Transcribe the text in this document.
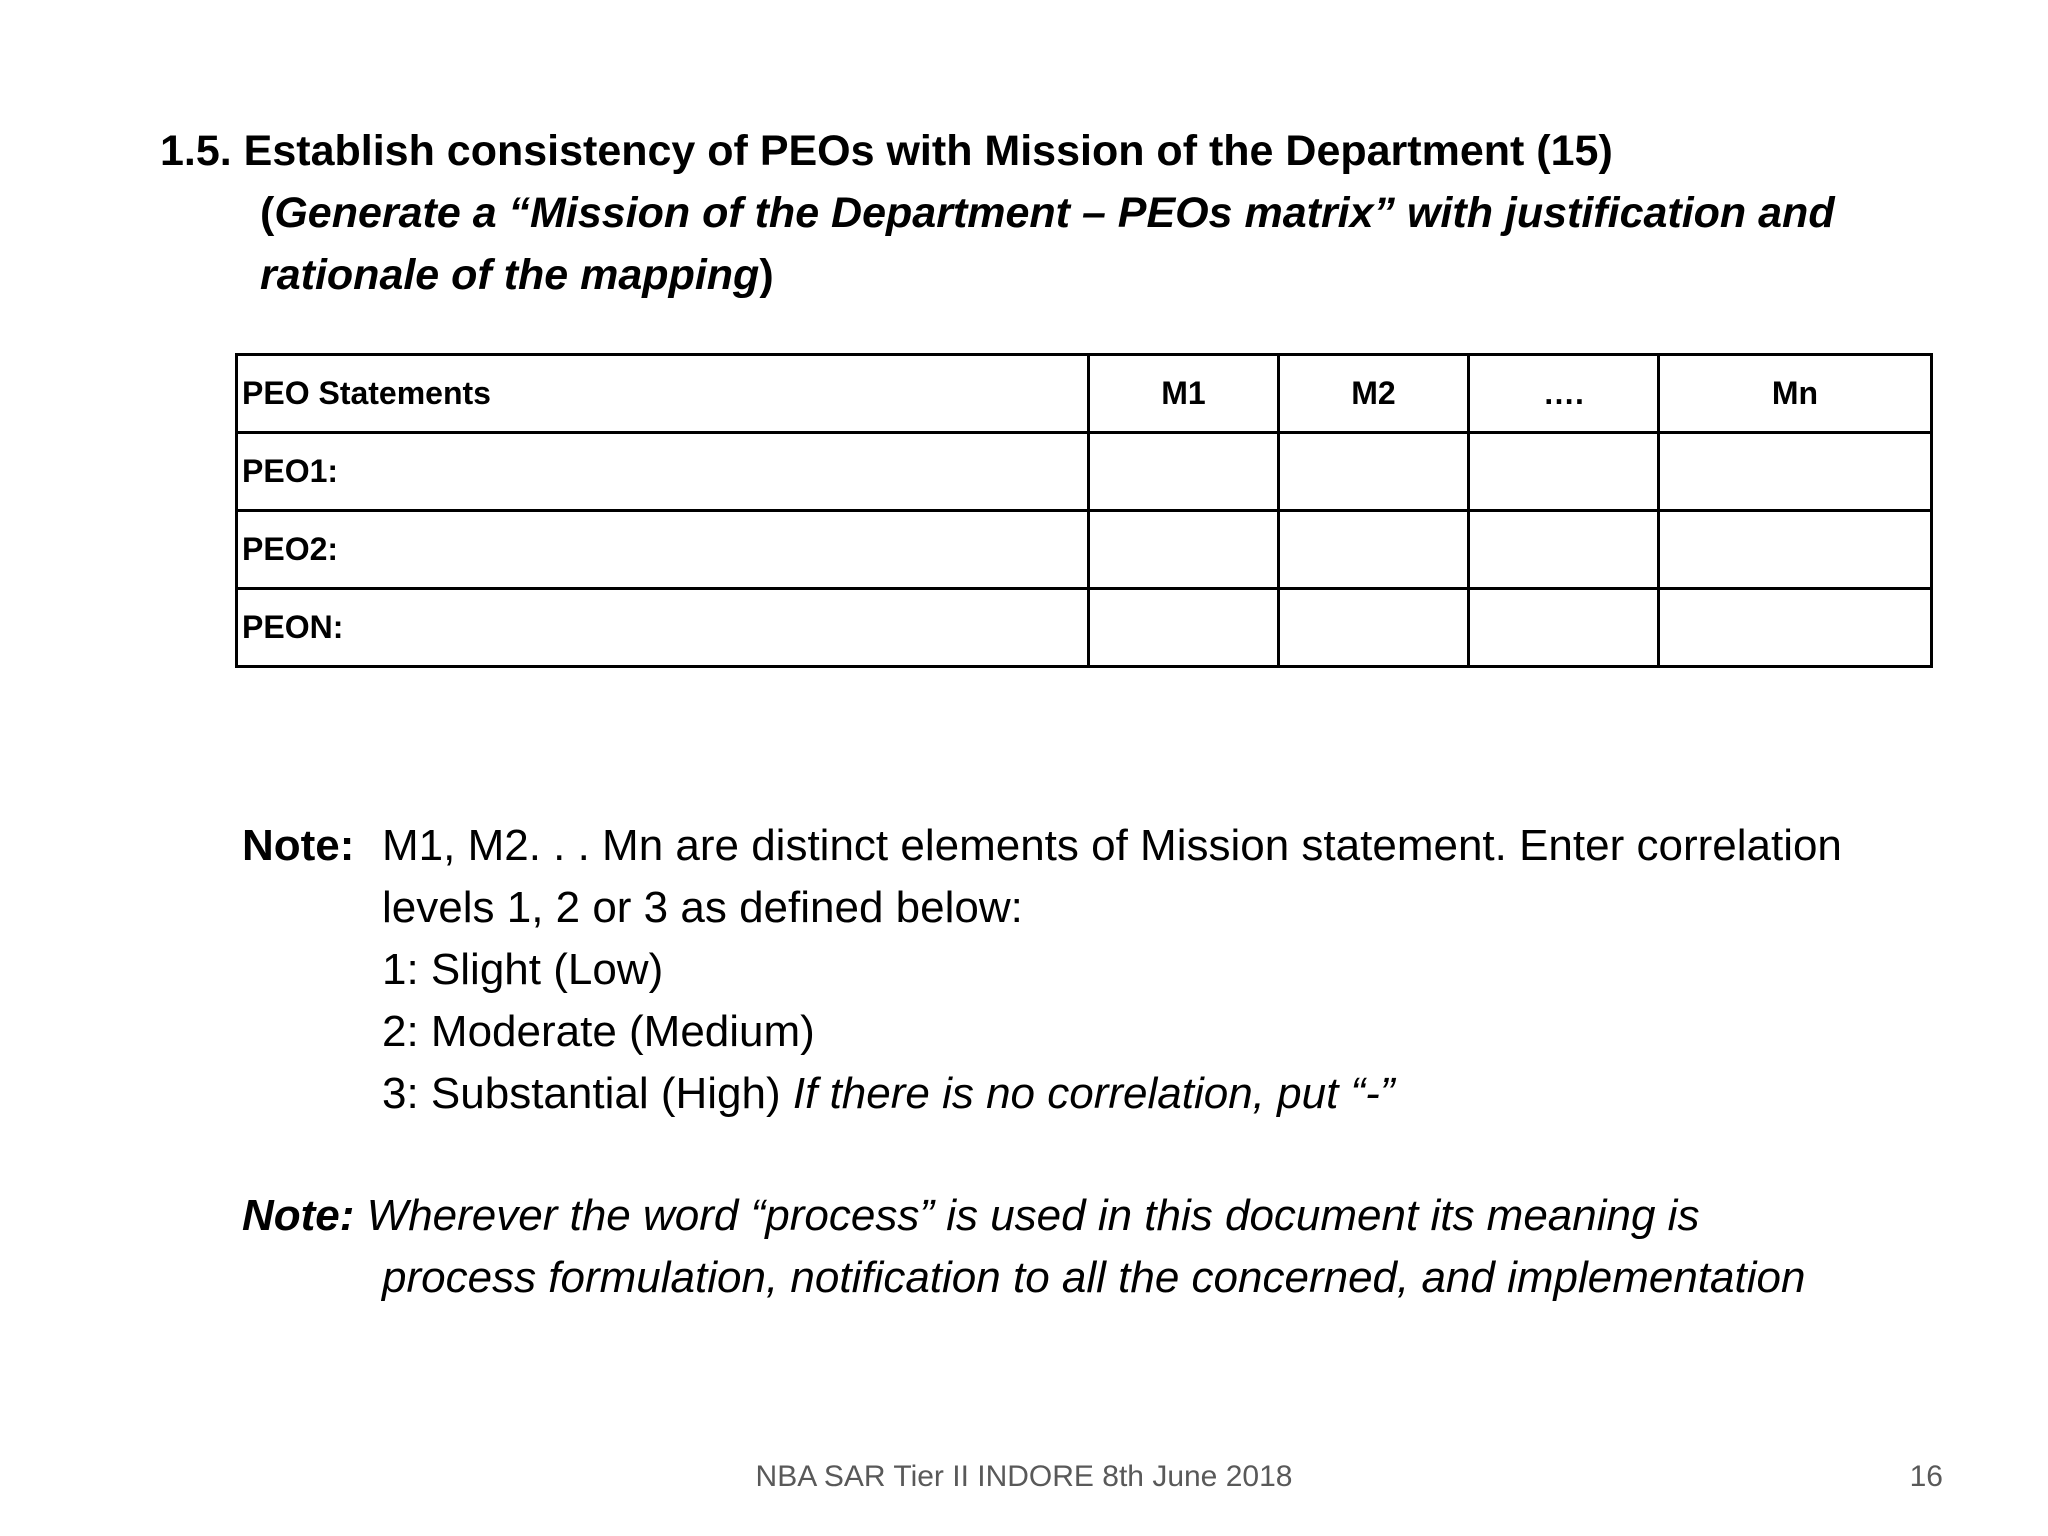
1.5. Establish consistency of PEOs with Mission of the Department (15)
(Generate a “Mission of the Department – PEOs matrix” with justification and rationale of the mapping)
PEO Statements	M1	M2	….	Mn
PEO1:				
PEO2:				
PEON:				
Note: M1, M2. . . Mn are distinct elements of Mission statement. Enter correlation levels 1, 2 or 3 as defined below:
1: Slight (Low)
2: Moderate (Medium)
3: Substantial (High) If there is no correlation, put “-”
Note: Wherever the word “process” is used in this document its meaning is
process formulation, notification to all the concerned, and implementation
NBA SAR Tier II INDORE 8th June 2018	16
